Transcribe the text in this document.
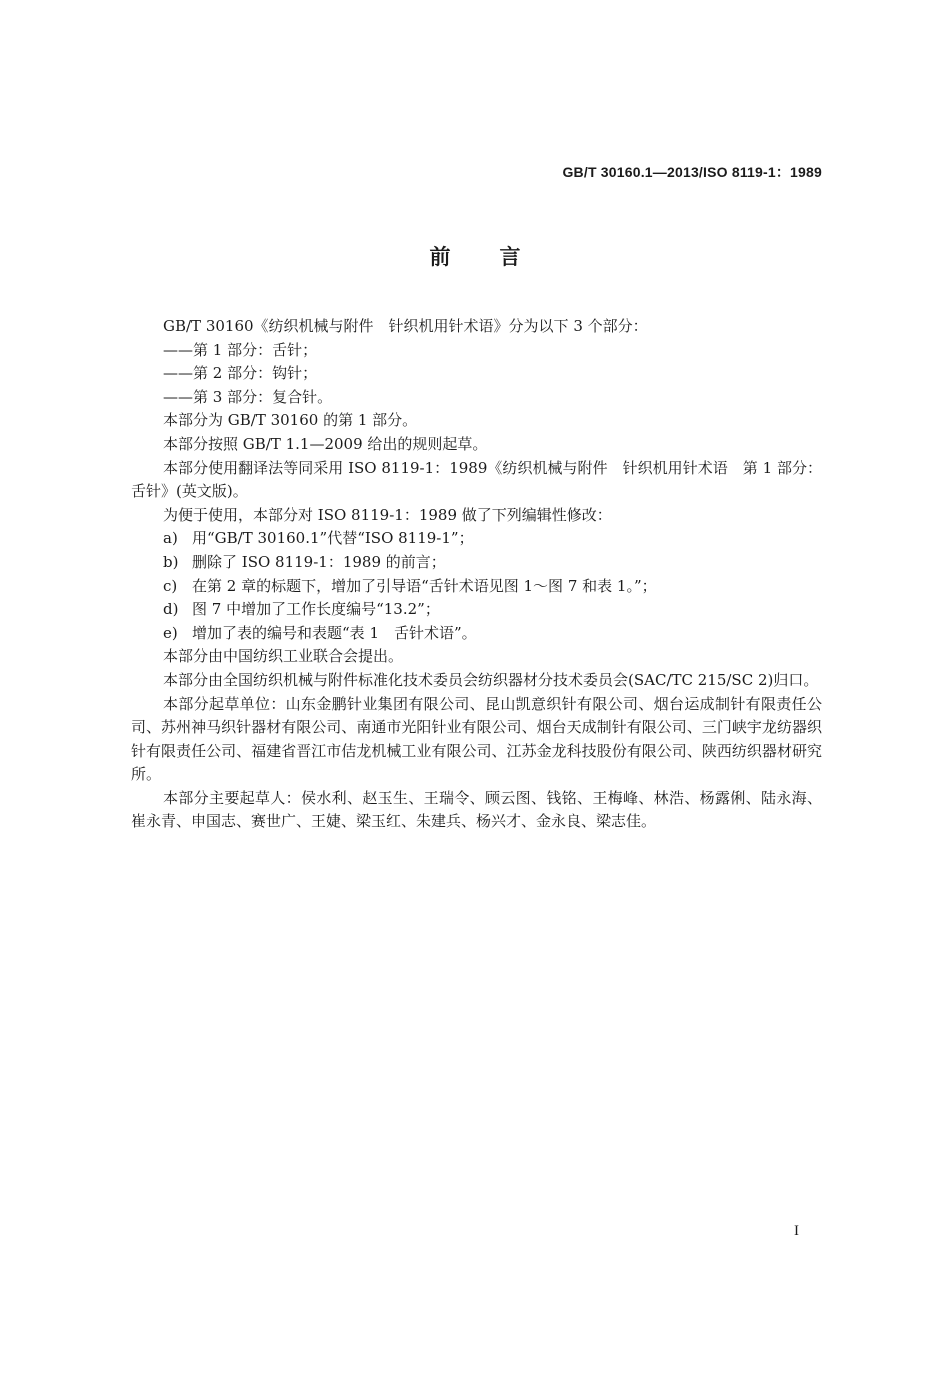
GB/T 30160.1—2013/ISO 8119-1：1989
前　言

GB/T 30160《纺织机械与附件　针织机用针术语》分为以下 3 个部分：

——第 1 部分：舌针；

——第 2 部分：钩针；

——第 3 部分：复合针。

本部分为 GB/T 30160 的第 1 部分。

本部分按照 GB/T 1.1—2009 给出的规则起草。

本部分使用翻译法等同采用 ISO 8119-1：1989《纺织机械与附件　针织机用针术语　第 1 部分：舌针》(英文版)。

为便于使用，本部分对 ISO 8119-1：1989 做了下列编辑性修改：

a) 用“GB/T 30160.1”代替“ISO 8119-1”；
b) 删除了 ISO 8119-1：1989 的前言；
c) 在第 2 章的标题下，增加了引导语“舌针术语见图 1～图 7 和表 1。”；
d) 图 7 中增加了工作长度编号“13.2”；
e) 增加了表的编号和表题“表 1　舌针术语”。

本部分由中国纺织工业联合会提出。

本部分由全国纺织机械与附件标准化技术委员会纺织器材分技术委员会(SAC/TC 215/SC 2)归口。

本部分起草单位：山东金鹏针业集团有限公司、昆山凯意织针有限公司、烟台运成制针有限责任公司、苏州神马织针器材有限公司、南通市光阳针业有限公司、烟台天成制针有限公司、三门峡宇龙纺器织针有限责任公司、福建省晋江市佶龙机械工业有限公司、江苏金龙科技股份有限公司、陕西纺织器材研究所。

本部分主要起草人：侯水利、赵玉生、王瑞令、顾云图、钱铭、王梅峰、林浩、杨露俐、陆永海、崔永青、申国志、赛世广、王婕、梁玉红、朱建兵、杨兴才、金永良、梁志佳。

I
